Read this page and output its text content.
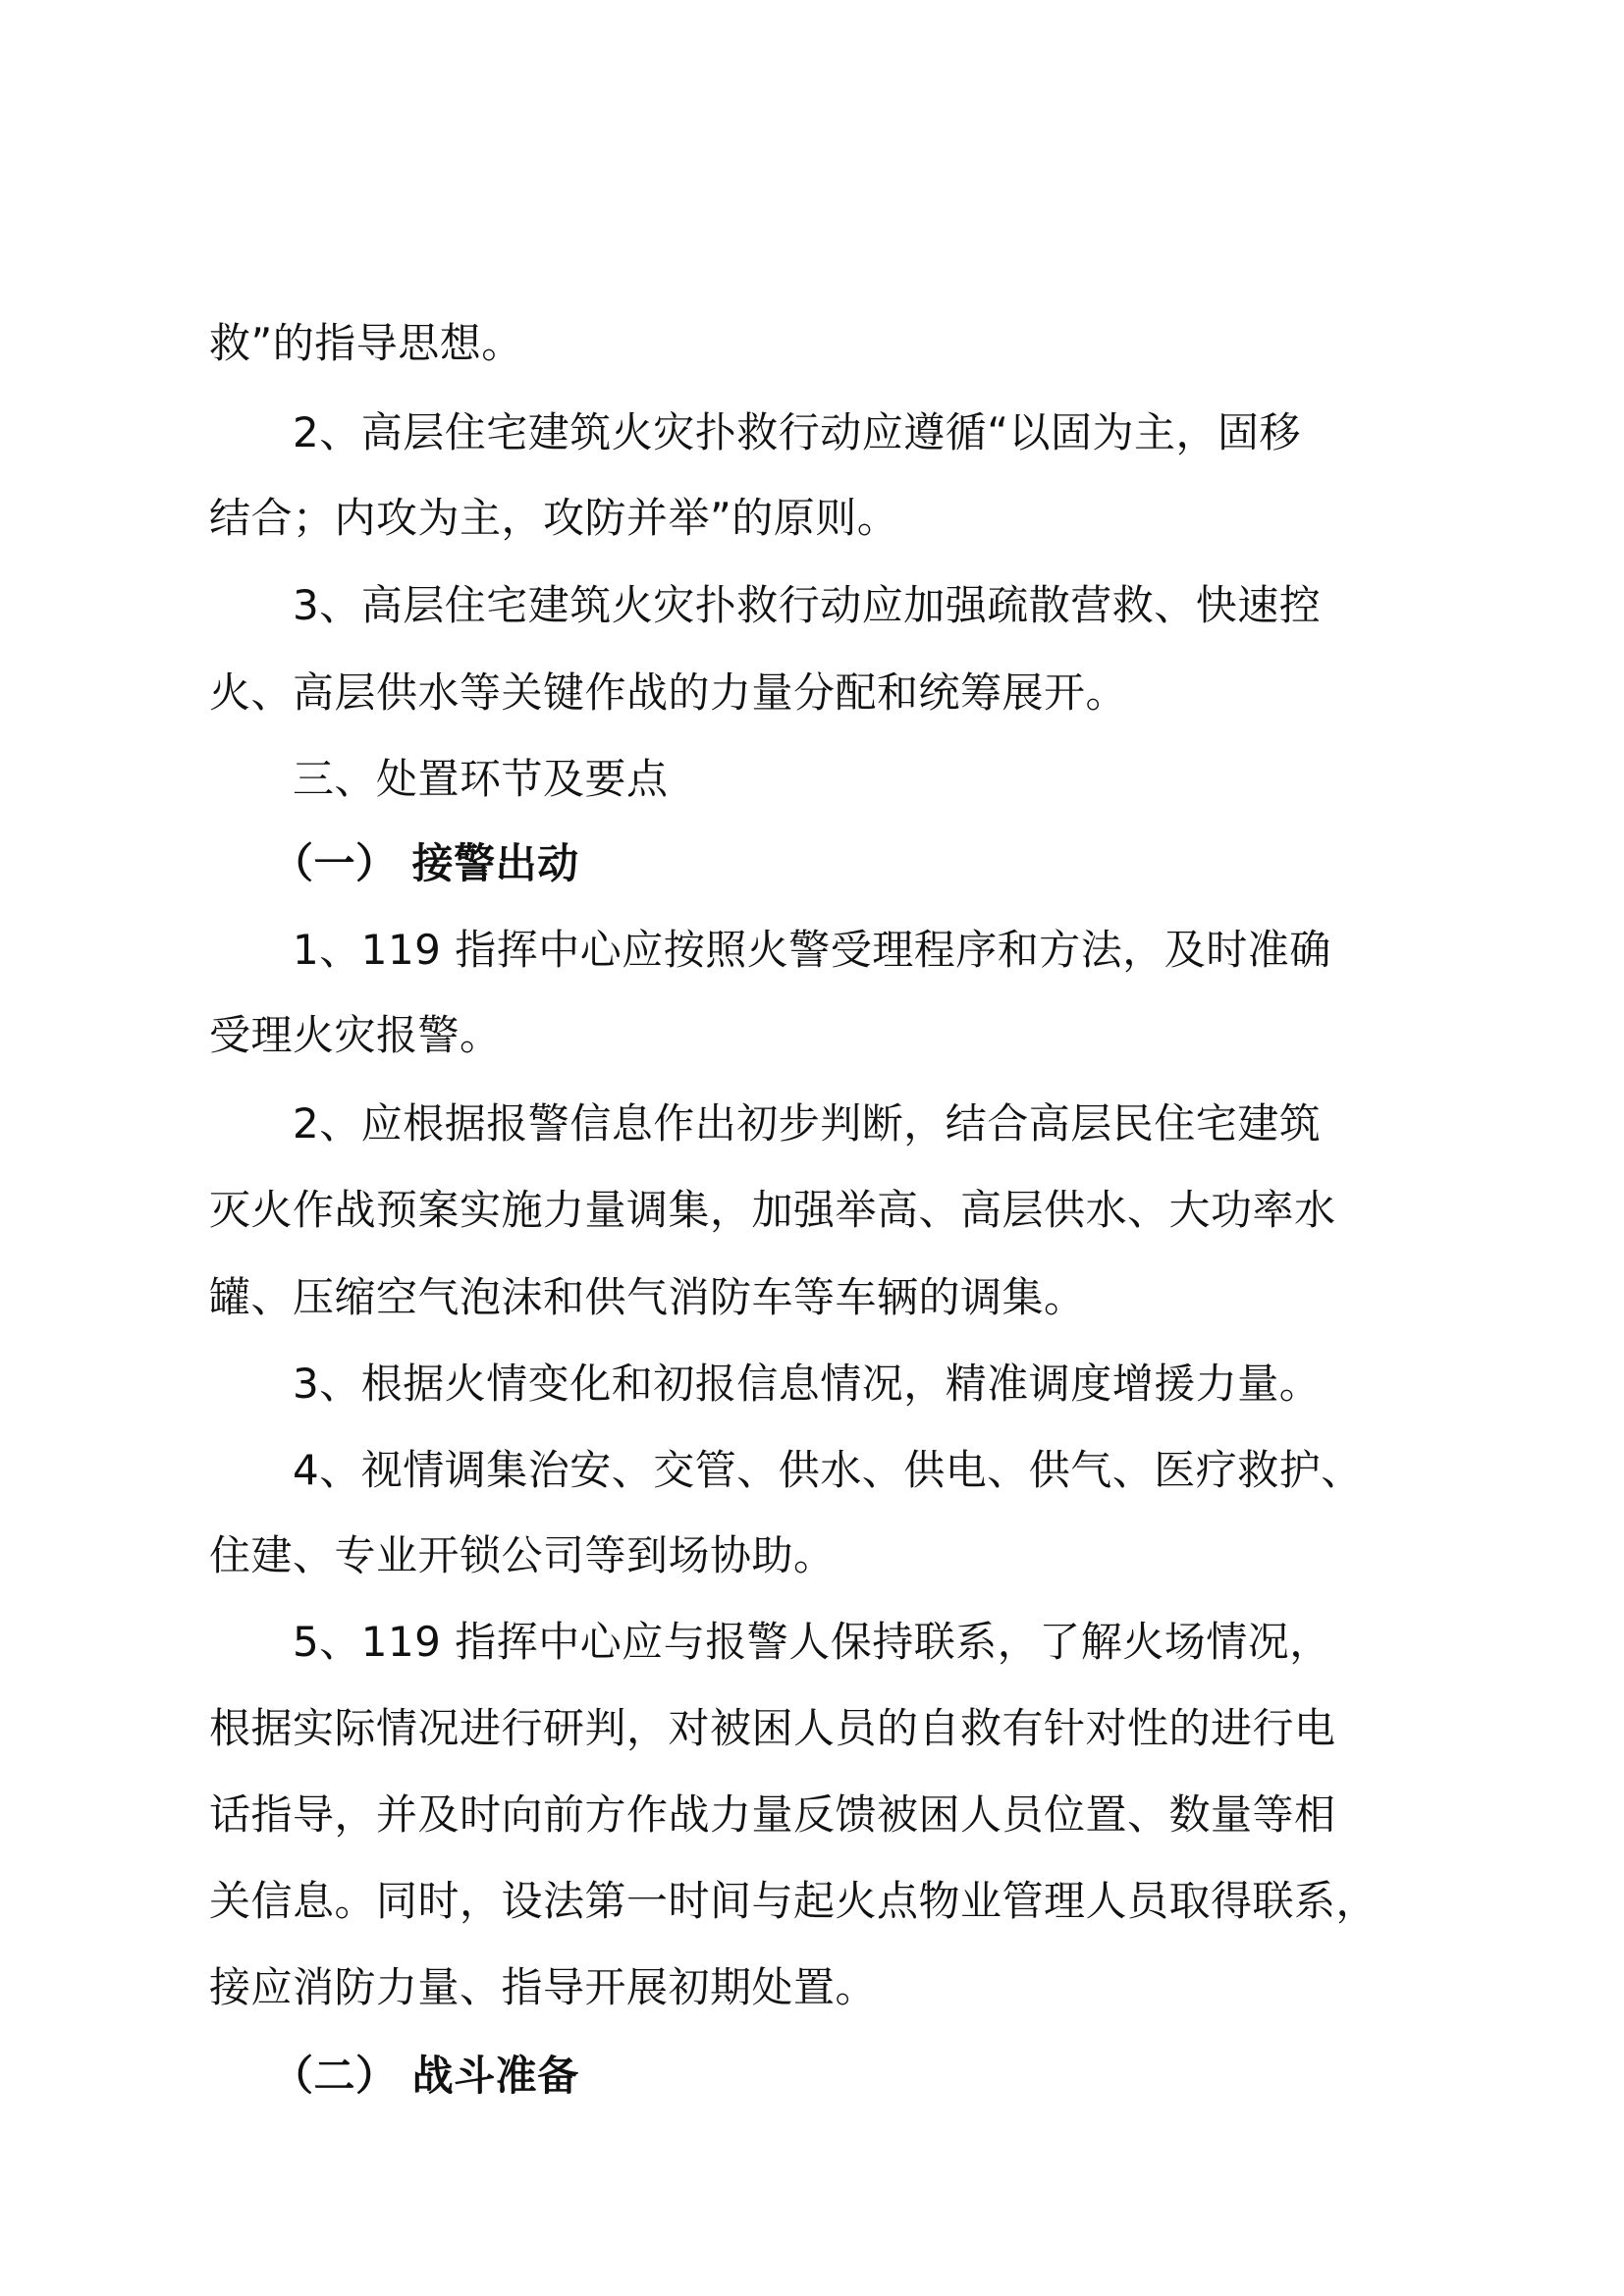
救”的指导思想。
　　2、高层住宅建筑火灾扑救行动应遵循“以固为主，固移
结合；内攻为主，攻防并举”的原则。
　　3、高层住宅建筑火灾扑救行动应加强疏散营救、快速控
火、高层供水等关键作战的力量分配和统筹展开。
　　三、处置环节及要点
　　（一） 接警出动
　　1、119 指挥中心应按照火警受理程序和方法，及时准确
受理火灾报警。
　　2、应根据报警信息作出初步判断，结合高层民住宅建筑
灭火作战预案实施力量调集，加强举高、高层供水、大功率水
罐、压缩空气泡沫和供气消防车等车辆的调集。
　　3、根据火情变化和初报信息情况，精准调度增援力量。
　　4、视情调集治安、交管、供水、供电、供气、医疗救护、
住建、专业开锁公司等到场协助。
　　5、119 指挥中心应与报警人保持联系，了解火场情况，
根据实际情况进行研判，对被困人员的自救有针对性的进行电
话指导，并及时向前方作战力量反馈被困人员位置、数量等相
关信息。同时，设法第一时间与起火点物业管理人员取得联系，
接应消防力量、指导开展初期处置。
　　（二） 战斗准备
